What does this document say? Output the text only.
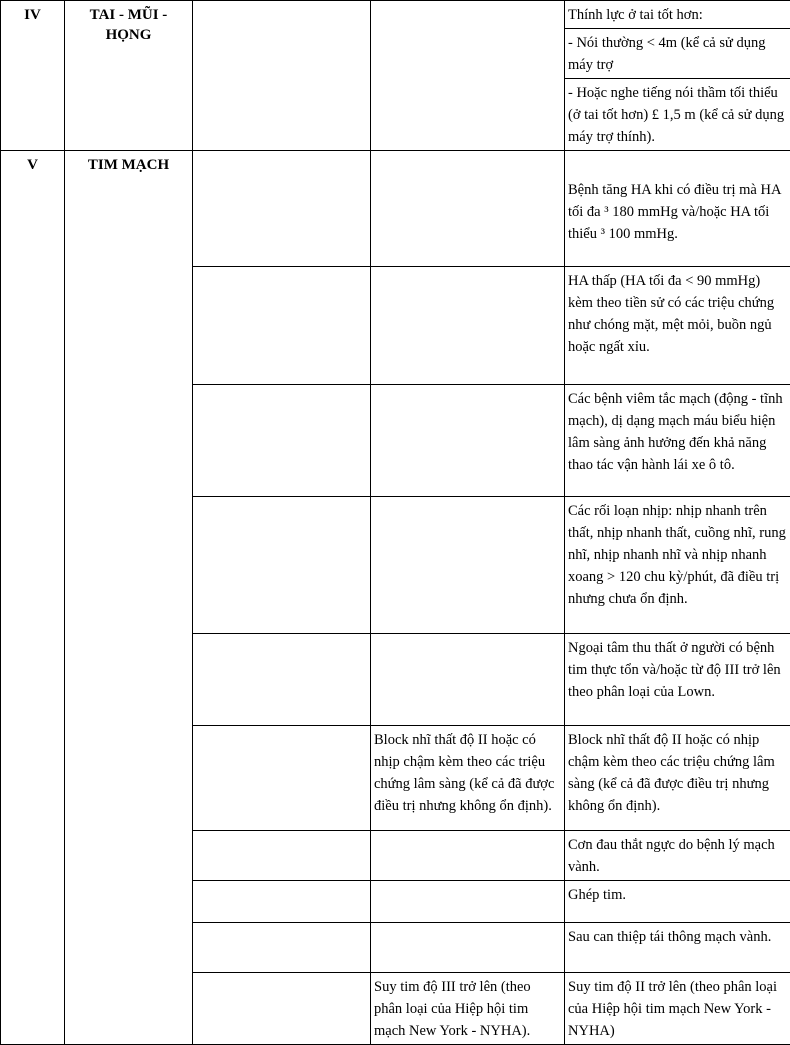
IV	TAI - MŨI - HỌNG			Thính lực ở tai tốt hơn:
				- Nói thường < 4m (kể cả sử dụng máy trợ
				- Hoặc nghe tiếng nói thầm tối thiểu (ở tai tốt hơn) £ 1,5 m (kể cả sử dụng máy trợ thính).
V	TIM MẠCH			Bệnh tăng HA khi có điều trị mà HA tối đa ³ 180 mmHg và/hoặc HA tối thiểu ³ 100 mmHg.
				HA thấp (HA tối đa < 90 mmHg) kèm theo tiền sử có các triệu chứng như chóng mặt, mệt mỏi, buồn ngủ hoặc ngất xỉu.
				Các bệnh viêm tắc mạch (động - tĩnh mạch), dị dạng mạch máu biểu hiện lâm sàng ảnh hưởng đến khả năng thao tác vận hành lái xe ô tô.
				Các rối loạn nhịp: nhịp nhanh trên thất, nhịp nhanh thất, cuồng nhĩ, rung nhĩ, nhịp nhanh nhĩ và nhịp nhanh xoang > 120 chu kỳ/phút, đã điều trị nhưng chưa ổn định.
				Ngoại tâm thu thất ở người có bệnh tim thực tổn và/hoặc từ độ III trở lên theo phân loại của Lown.
			Block nhĩ thất độ II hoặc có nhịp chậm kèm theo các triệu chứng lâm sàng (kể cả đã được điều trị nhưng không ổn định).	Block nhĩ thất độ II hoặc có nhịp chậm kèm theo các triệu chứng lâm sàng (kể cả đã được điều trị nhưng không ổn định).
				Cơn đau thắt ngực do bệnh lý mạch vành.
				Ghép tim.
				Sau can thiệp tái thông mạch vành.
			Suy tim độ III trở lên (theo phân loại của Hiệp hội tim mạch New York - NYHA).	Suy tim độ II trở lên (theo phân loại của Hiệp hội tim mạch New York - NYHA)
